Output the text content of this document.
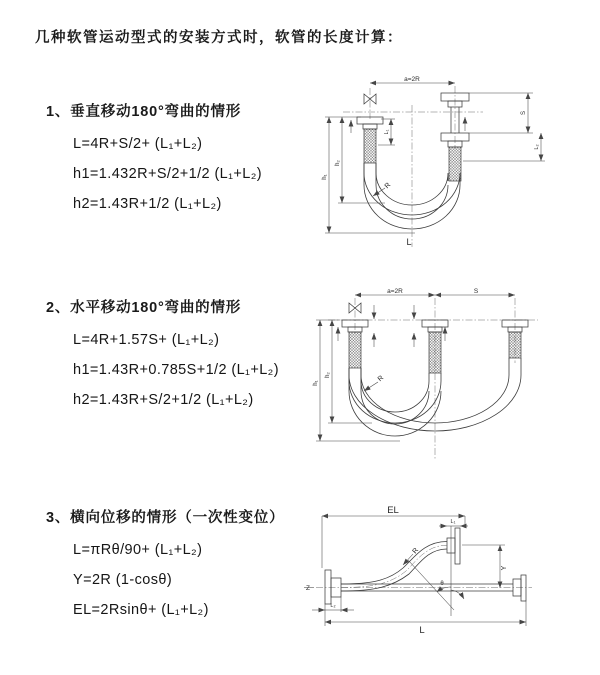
几种软管运动型式的安装方式时，软管的长度计算：
1、垂直移动180°弯曲的情形
L=4R+S/2+ (L₁+L₂)
h1=1.432R+S/2+1/2 (L₁+L₂)
h2=1.43R+1/2 (L₁+L₂)
2、水平移动180°弯曲的情形
L=4R+1.57S+ (L₁+L₂)
h1=1.43R+0.785S+1/2 (L₁+L₂)
h2=1.43R+S/2+1/2 (L₁+L₂)
3、横向位移的情形（一次性变位）
L=πRθ/90+ (L₁+L₂)
Y=2R (1-cosθ)
EL=2Rsinθ+ (L₁+L₂)
a=2R
h₁
h₂
L₁
S
L₂
R
L
a=2R	S
h₁
h₂	R
EL
L₁
θ
Y
Z
R
L₂
L
